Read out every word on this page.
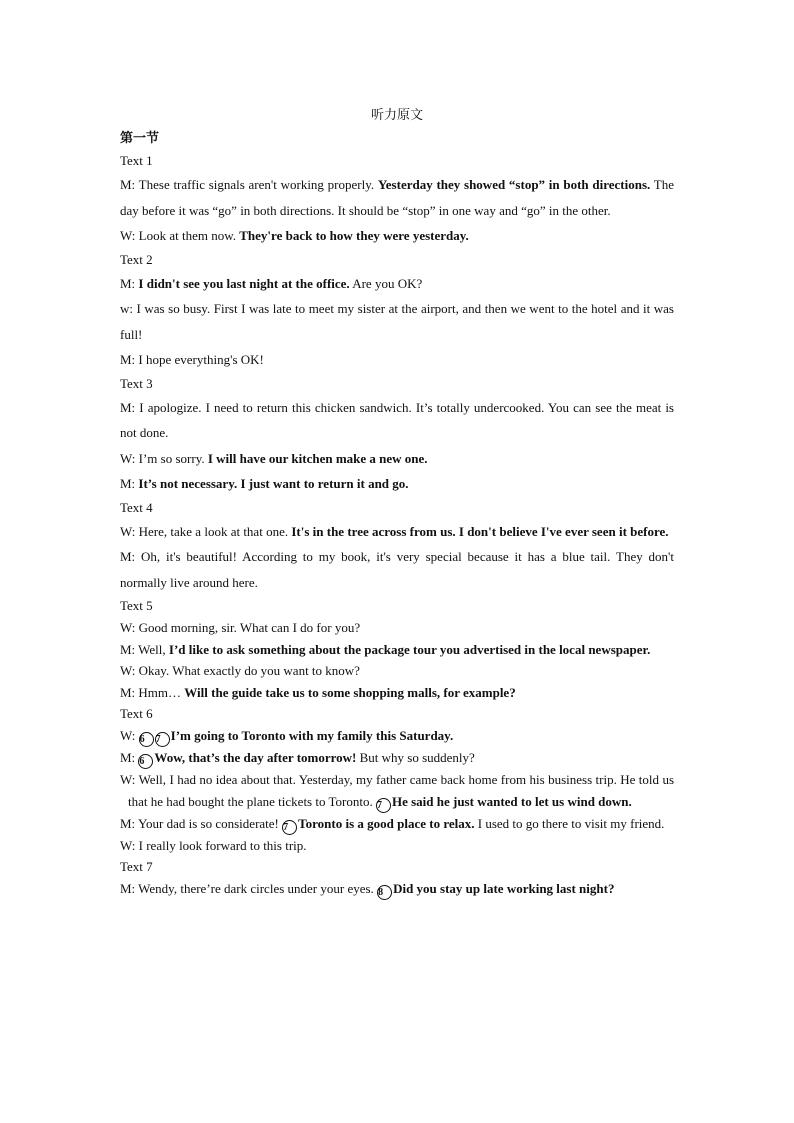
听力原文
第一节
Text 1

M: These traffic signals aren't working properly. Yesterday they showed “stop” in both directions. The day before it was “go” in both directions. It should be “stop” in one way and “go” in the other.

W: Look at them now. They're back to how they were yesterday.

Text 2

M: I didn't see you last night at the office. Are you OK?

w: I was so busy. First I was late to meet my sister at the airport, and then we went to the hotel and it was full!

M: I hope everything's OK!

Text 3

M: I apologize. I need to return this chicken sandwich. It’s totally undercooked. You can see the meat is not done.

W: I’m so sorry. I will have our kitchen make a new one.

M: It’s not necessary. I just want to return it and go.

Text 4

W: Here, take a look at that one. It's in the tree across from us. I don't believe I've ever seen it before.

M: Oh, it's beautiful! According to my book, it's very special because it has a blue tail. They don't normally live around here.

Text 5

W: Good morning, sir. What can I do for you?

M: Well, I’d like to ask something about the package tour you advertised in the local newspaper.

W: Okay. What exactly do you want to know?

M: Hmm… Will the guide take us to some shopping malls, for example?

Text 6

W: 6 7 I’m going to Toronto with my family this Saturday.

M: 6 Wow, that’s the day after tomorrow! But why so suddenly?

W: Well, I had no idea about that. Yesterday, my father came back home from his business trip. He told us that he had bought the plane tickets to Toronto. 7 He said he just wanted to let us wind down.

M: Your dad is so considerate! 7 Toronto is a good place to relax. I used to go there to visit my friend.

W: I really look forward to this trip.

Text 7

M: Wendy, there’re dark circles under your eyes. 8 Did you stay up late working last night?
